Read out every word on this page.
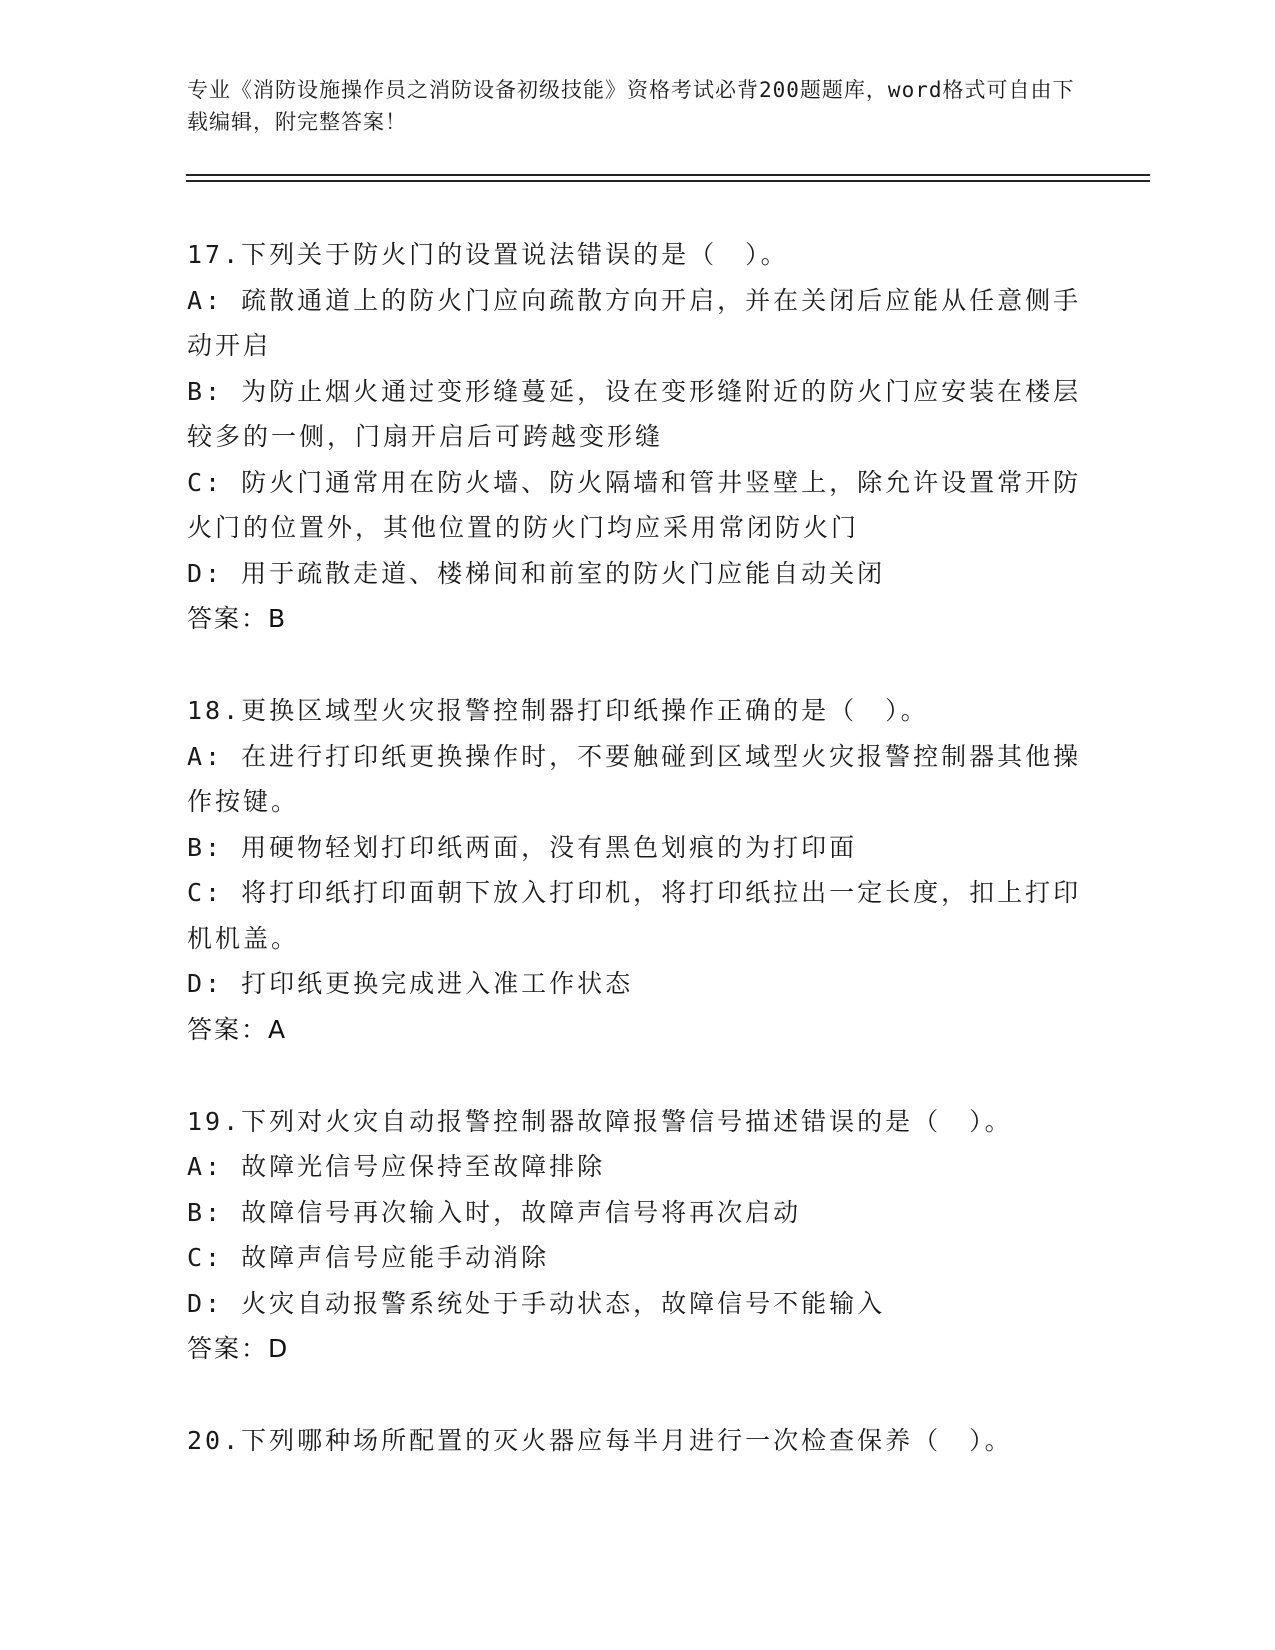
专业《消防设施操作员之消防设备初级技能》资格考试必背200题题库，word格式可自由下载编辑，附完整答案！
17.下列关于防火门的设置说法错误的是（　）。
A: 疏散通道上的防火门应向疏散方向开启，并在关闭后应能从任意侧手动开启
B: 为防止烟火通过变形缝蔓延，设在变形缝附近的防火门应安装在楼层较多的一侧，门扇开启后可跨越变形缝
C: 防火门通常用在防火墙、防火隔墙和管井竖壁上，除允许设置常开防火门的位置外，其他位置的防火门均应采用常闭防火门
D: 用于疏散走道、楼梯间和前室的防火门应能自动关闭
答案：B
18.更换区域型火灾报警控制器打印纸操作正确的是（　）。
A: 在进行打印纸更换操作时，不要触碰到区域型火灾报警控制器其他操作按键。
B: 用硬物轻划打印纸两面，没有黑色划痕的为打印面
C: 将打印纸打印面朝下放入打印机，将打印纸拉出一定长度，扣上打印机机盖。
D: 打印纸更换完成进入准工作状态
答案：A
19.下列对火灾自动报警控制器故障报警信号描述错误的是（　）。
A: 故障光信号应保持至故障排除
B: 故障信号再次输入时，故障声信号将再次启动
C: 故障声信号应能手动消除
D: 火灾自动报警系统处于手动状态，故障信号不能输入
答案：D
20.下列哪种场所配置的灭火器应每半月进行一次检查保养（　）。
